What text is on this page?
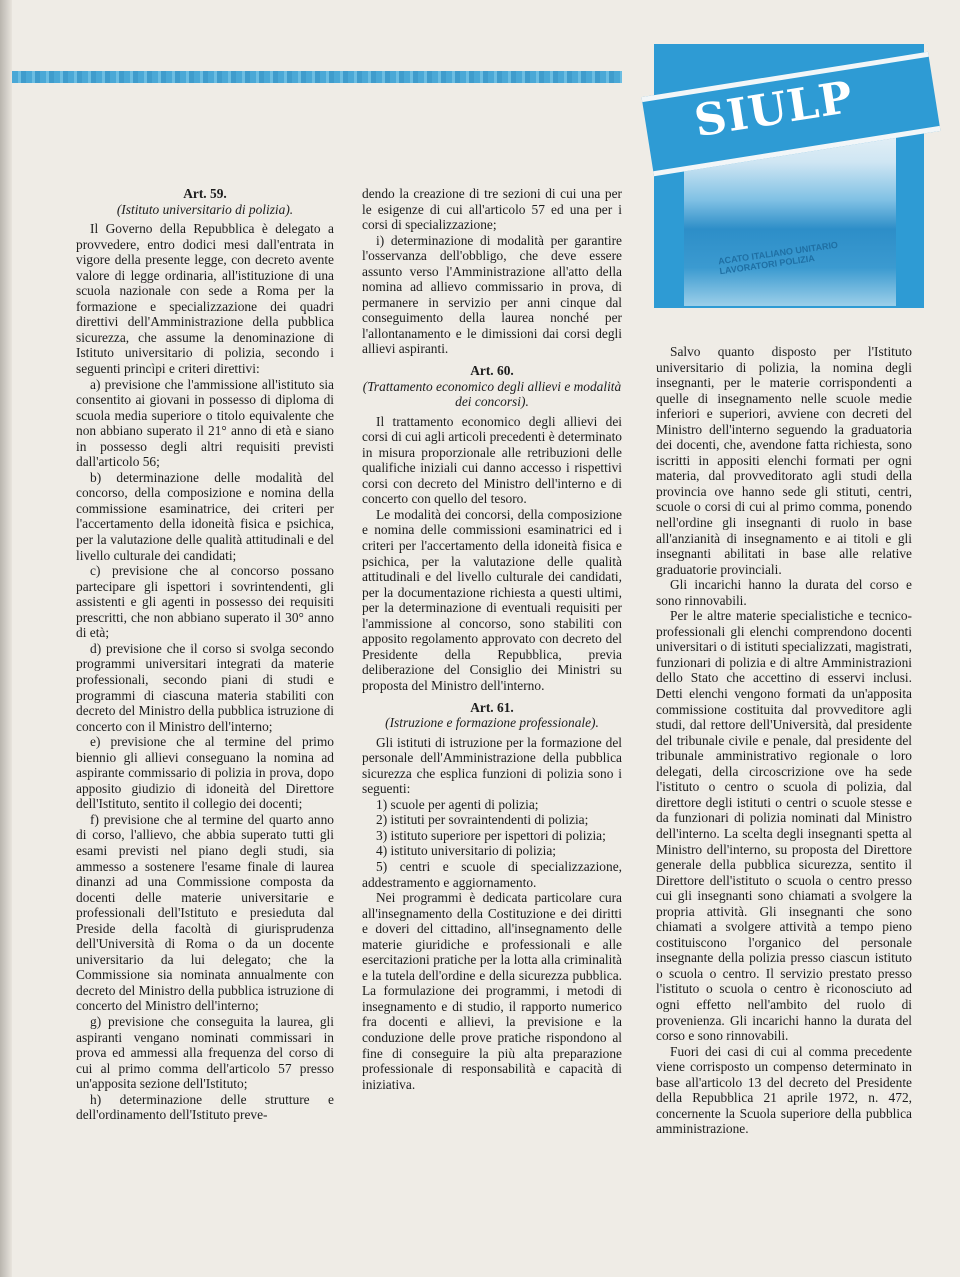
ACATO ITALIANO UNITARIO LAVORATORI POLIZIA
SIULP
Art. 59.
(Istituto universitario di polizia).

Il Governo della Repubblica è delegato a provvedere, entro dodici mesi dall'entrata in vigore della presente legge, con decreto avente valore di legge ordinaria, all'istituzione di una scuola nazionale con sede a Roma per la formazione e specializzazione dei quadri direttivi dell'Amministrazione della pubblica sicurezza, che assume la denominazione di Istituto universitario di polizia, secondo i seguenti princìpi e criteri direttivi:

a) previsione che l'ammissione all'istituto sia consentito ai giovani in possesso di diploma di scuola media superiore o titolo equivalente che non abbiano superato il 21° anno di età e siano in possesso degli altri requisiti previsti dall'articolo 56;

b) determinazione delle modalità del concorso, della composizione e nomina della commissione esaminatrice, dei criteri per l'accertamento della idoneità fisica e psichica, per la valutazione delle qualità attitudinali e del livello culturale dei candidati;

c) previsione che al concorso possano partecipare gli ispettori i sovrintendenti, gli assistenti e gli agenti in possesso dei requisiti prescritti, che non abbiano superato il 30° anno di età;

d) previsione che il corso si svolga secondo programmi universitari integrati da materie professionali, secondo piani di studi e programmi di ciascuna materia stabiliti con decreto del Ministro della pubblica istruzione di concerto con il Ministro dell'interno;

e) previsione che al termine del primo biennio gli allievi conseguano la nomina ad aspirante commissario di polizia in prova, dopo apposito giudizio di idoneità del Direttore dell'Istituto, sentito il collegio dei docenti;

f) previsione che al termine del quarto anno di corso, l'allievo, che abbia superato tutti gli esami previsti nel piano degli studi, sia ammesso a sostenere l'esame finale di laurea dinanzi ad una Commissione composta da docenti delle materie universitarie e professionali dell'Istituto e presieduta dal Preside della facoltà di giurisprudenza dell'Università di Roma o da un docente universitario da lui delegato; che la Commissione sia nominata annualmente con decreto del Ministro della pubblica istruzione di concerto del Ministro dell'interno;

g) previsione che conseguita la laurea, gli aspiranti vengano nominati commissari in prova ed ammessi alla frequenza del corso di cui al primo comma dell'articolo 57 presso un'apposita sezione dell'Istituto;

h) determinazione delle strutture e dell'ordinamento dell'Istituto preve-

dendo la creazione di tre sezioni di cui una per le esigenze di cui all'articolo 57 ed una per i corsi di specializzazione;

i) determinazione di modalità per garantire l'osservanza dell'obbligo, che deve essere assunto verso l'Amministrazione all'atto della nomina ad allievo commissario in prova, di permanere in servizio per anni cinque dal conseguimento della laurea nonché per l'allontanamento e le dimissioni dai corsi degli allievi aspiranti.

Art. 60.
(Trattamento economico degli allievi e modalità dei concorsi).

Il trattamento economico degli allievi dei corsi di cui agli articoli precedenti è determinato in misura proporzionale alle retribuzioni delle qualifiche iniziali cui danno accesso i rispettivi corsi con decreto del Ministro dell'interno e di concerto con quello del tesoro.

Le modalità dei concorsi, della composizione e nomina delle commissioni esaminatrici ed i criteri per l'accertamento della idoneità fisica e psichica, per la valutazione delle qualità attitudinali e del livello culturale dei candidati, per la documentazione richiesta a questi ultimi, per la determinazione di eventuali requisiti per l'ammissione al concorso, sono stabiliti con apposito regolamento approvato con decreto del Presidente della Repubblica, previa deliberazione del Consiglio dei Ministri su proposta del Ministro dell'interno.

Art. 61.
(Istruzione e formazione professionale).

Gli istituti di istruzione per la formazione del personale dell'Amministrazione della pubblica sicurezza che esplica funzioni di polizia sono i seguenti:

1) scuole per agenti di polizia;

2) istituti per sovraintendenti di polizia;

3) istituto superiore per ispettori di polizia;

4) istituto universitario di polizia;

5) centri e scuole di specializzazione, addestramento e aggiornamento.

Nei programmi è dedicata particolare cura all'insegnamento della Costituzione e dei diritti e doveri del cittadino, all'insegnamento delle materie giuridiche e professionali e alle esercitazioni pratiche per la lotta alla criminalità e la tutela dell'ordine e della sicurezza pubblica. La formulazione dei programmi, i metodi di insegnamento e di studio, il rapporto numerico fra docenti e allievi, la previsione e la conduzione delle prove pratiche rispondono al fine di conseguire la più alta preparazione professionale di responsabilità e capacità di iniziativa.

Salvo quanto disposto per l'Istituto universitario di polizia, la nomina degli insegnanti, per le materie corrispondenti a quelle di insegnamento nelle scuole medie inferiori e superiori, avviene con decreti del Ministro dell'interno seguendo la graduatoria dei docenti, che, avendone fatta richiesta, sono iscritti in appositi elenchi formati per ogni materia, dal provveditorato agli studi della provincia ove hanno sede gli stituti, centri, scuole o corsi di cui al primo comma, ponendo nell'ordine gli insegnanti di ruolo in base all'anzianità di insegnamento e ai titoli e gli insegnanti abilitati in base alle relative graduatorie provinciali.

Gli incarichi hanno la durata del corso e sono rinnovabili.

Per le altre materie specialistiche e tecnico-professionali gli elenchi comprendono docenti universitari o di istituti specializzati, magistrati, funzionari di polizia e di altre Amministrazioni dello Stato che accettino di esservi inclusi. Detti elenchi vengono formati da un'apposita commissione costituita dal provveditore agli studi, dal rettore dell'Università, dal presidente del tribunale civile e penale, dal presidente del tribunale amministrativo regionale o loro delegati, della circoscrizione ove ha sede l'istituto o centro o scuola di polizia, dal direttore degli istituti o centri o scuole stesse e da funzionari di polizia nominati dal Ministro dell'interno. La scelta degli insegnanti spetta al Ministro dell'interno, su proposta del Direttore generale della pubblica sicurezza, sentito il Direttore dell'istituto o scuola o centro presso cui gli insegnanti sono chiamati a svolgere la propria attività. Gli insegnanti che sono chiamati a svolgere attività a tempo pieno costituiscono l'organico del personale insegnante della polizia presso ciascun istituto o scuola o centro. Il servizio prestato presso l'istituto o scuola o centro è riconosciuto ad ogni effetto nell'ambito del ruolo di provenienza. Gli incarichi hanno la durata del corso e sono rinnovabili.

Fuori dei casi di cui al comma precedente viene corrisposto un compenso determinato in base all'articolo 13 del decreto del Presidente della Repubblica 21 aprile 1972, n. 472, concernente la Scuola superiore della pubblica amministrazione.
